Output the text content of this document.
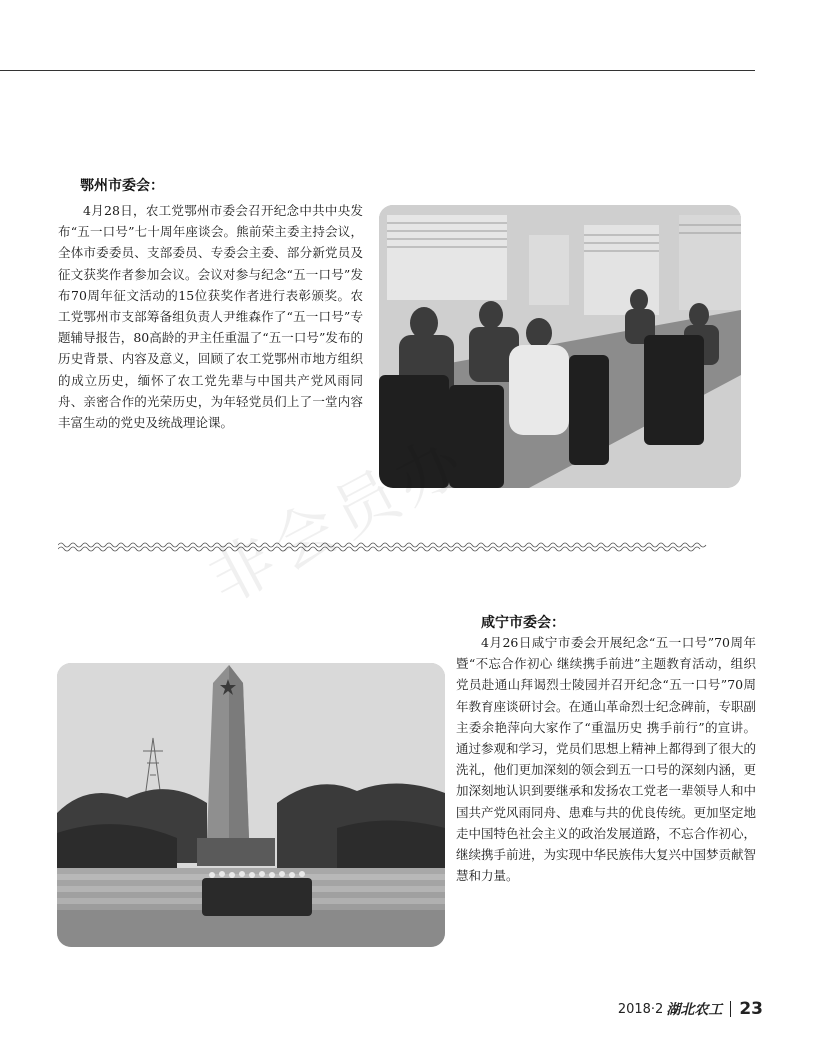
鄂州市委会：

4月28日，农工党鄂州市委会召开纪念中共中央发布“五一口号”七十周年座谈会。熊前荣主委主持会议，全体市委委员、支部委员、专委会主委、部分新党员及征文获奖作者参加会议。会议对参与纪念“五一口号”发布70周年征文活动的15位获奖作者进行表彰颁奖。农工党鄂州市支部筹备组负责人尹维森作了“五一口号”专题辅导报告，80高龄的尹主任重温了“五一口号”发布的历史背景、内容及意义，回顾了农工党鄂州市地方组织的成立历史，缅怀了农工党先辈与中国共产党风雨同舟、亲密合作的光荣历史，为年轻党员们上了一堂内容丰富生动的党史及统战理论课。

非会员办
咸宁市委会：

4月26日咸宁市委会开展纪念“五一口号”70周年暨“不忘合作初心 继续携手前进”主题教育活动，组织党员赴通山拜谒烈士陵园并召开纪念“五一口号”70周年教育座谈研讨会。在通山革命烈士纪念碑前，专职副主委余艳萍向大家作了“重温历史 携手前行”的宣讲。通过参观和学习，党员们思想上精神上都得到了很大的洗礼，他们更加深刻的领会到五一口号的深刻内涵，更加深刻地认识到要继承和发扬农工党老一辈领导人和中国共产党风雨同舟、患难与共的优良传统。更加坚定地走中国特色社会主义的政治发展道路，不忘合作初心，继续携手前进，为实现中华民族伟大复兴中国梦贡献智慧和力量。

2018·2 湖北农工 23
